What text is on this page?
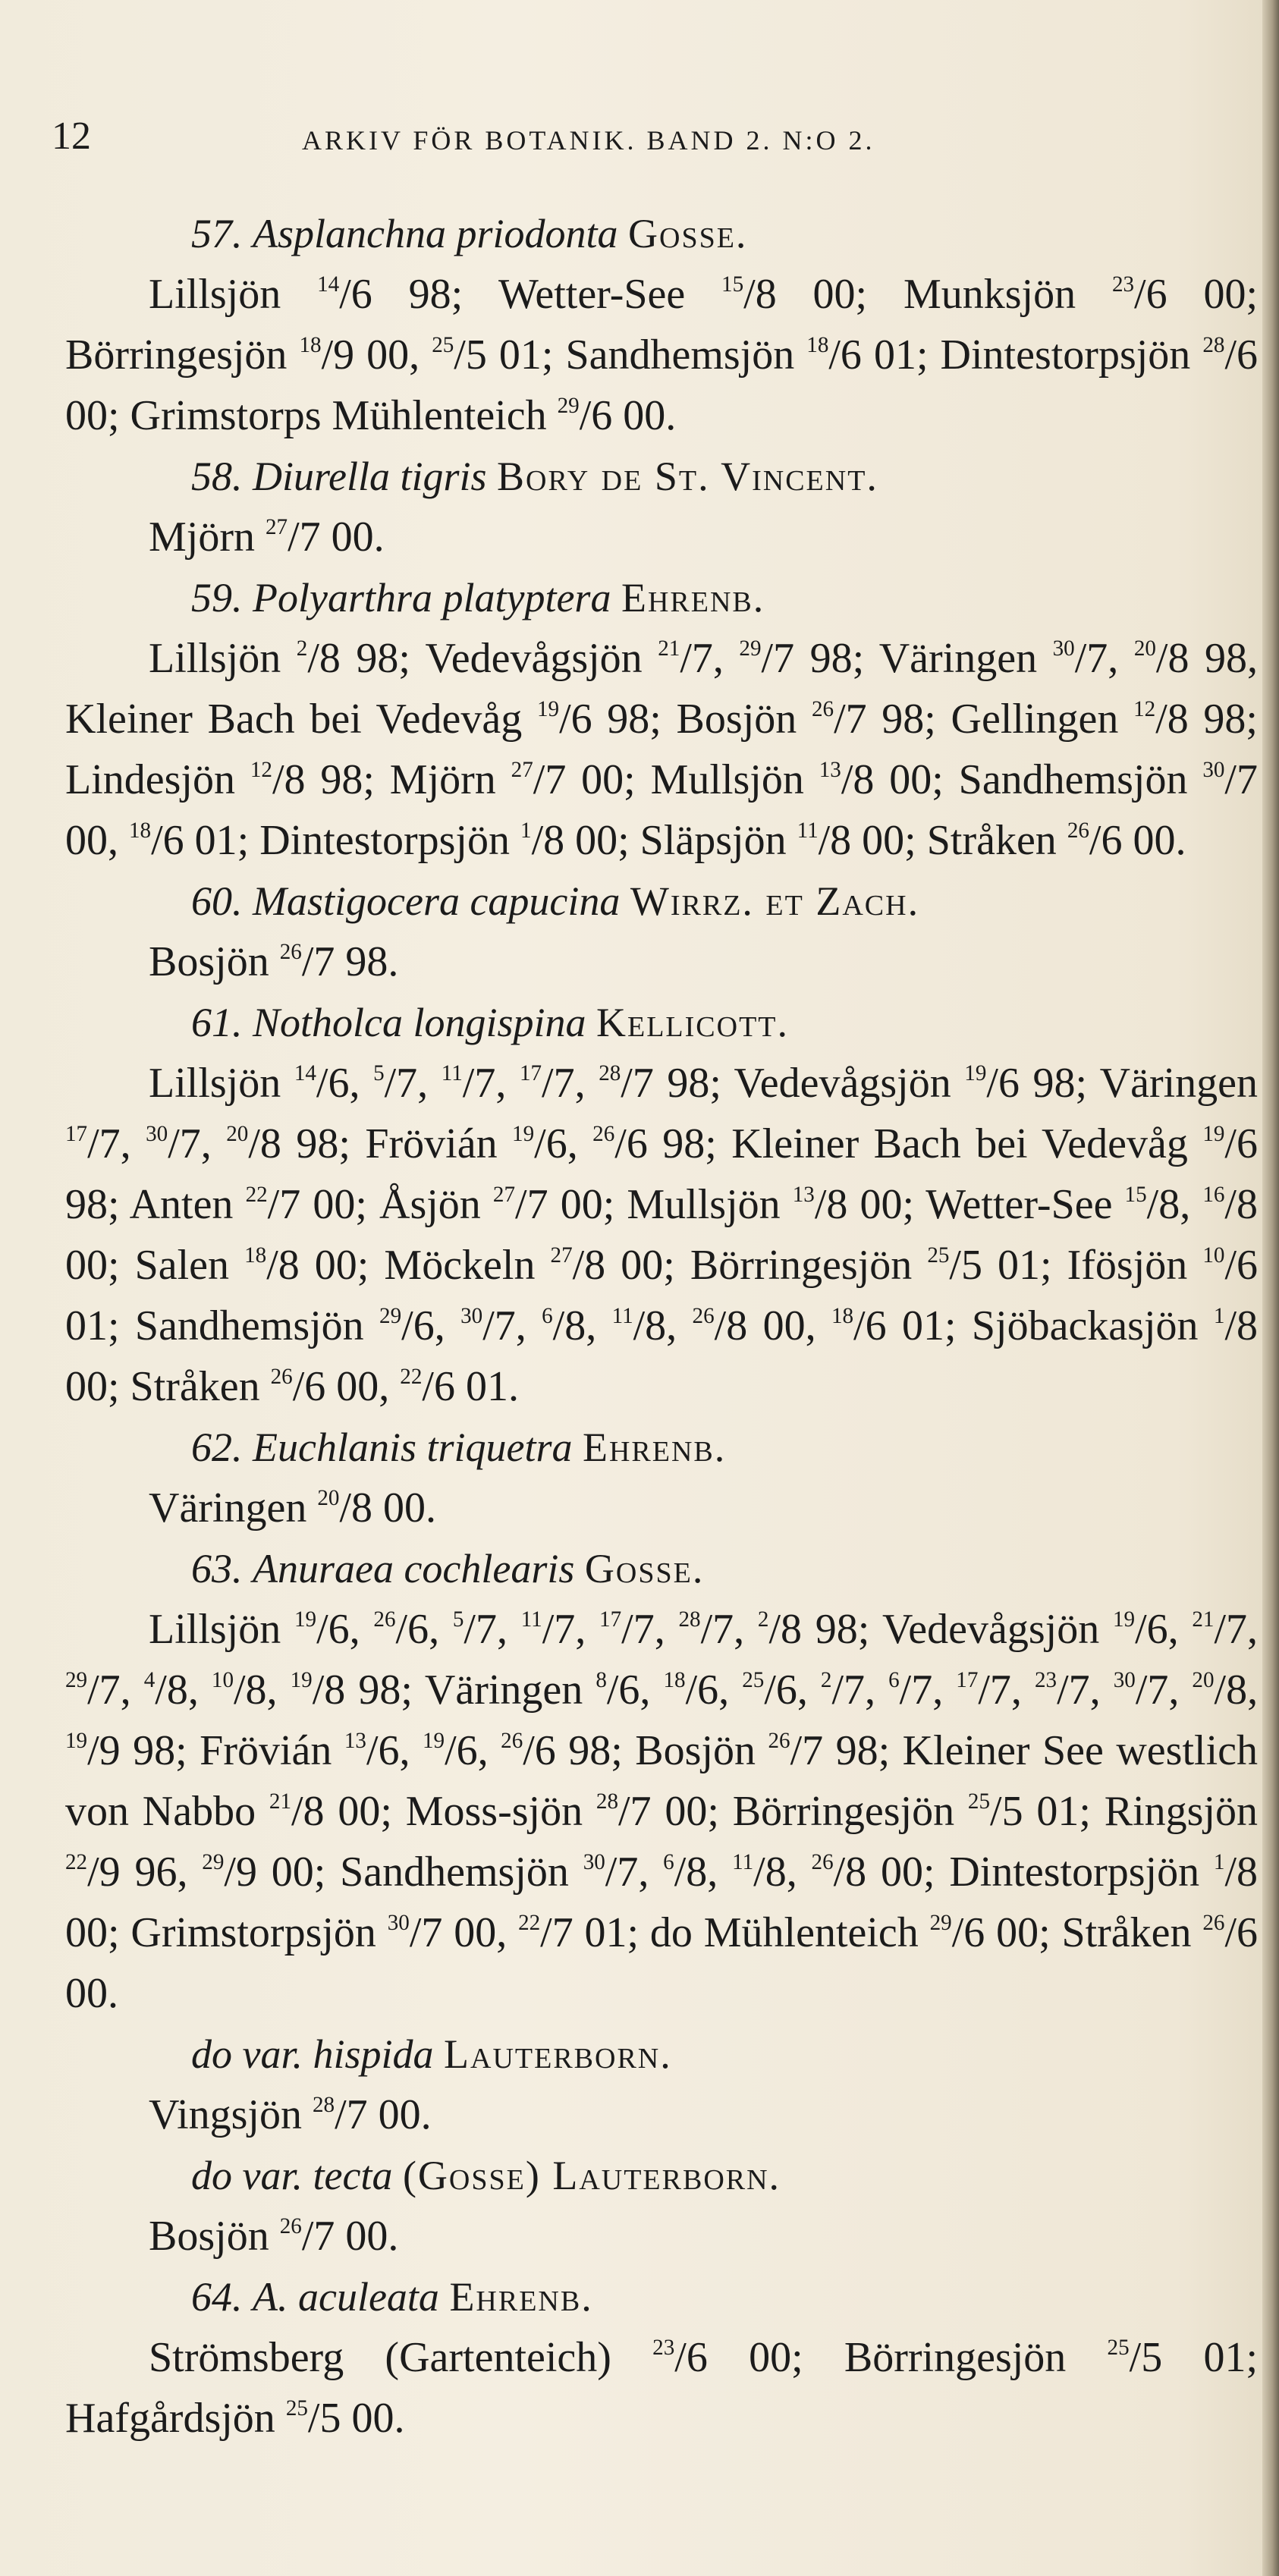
12	ARKIV FÖR BOTANIK. BAND 2. N:O 2.

57. Asplanchna priodonta Gosse.

Lillsjön $^{14}$/6 98; Wetter-See $^{15}$/8 00; Munksjön $^{23}$/6 00; Börringesjön $^{18}$/9 00, $^{25}$/5 01; Sandhemsjön $^{18}$/6 01; Dintestorpsjön $^{28}$/6 00; Grimstorps Mühlenteich $^{29}$/6 00.

58. Diurella tigris Bory de St. Vincent.

Mjörn $^{27}$/7 00.

59. Polyarthra platyptera Ehrenb.

Lillsjön $^2$/8 98; Vedevågsjön $^{21}$/7, $^{29}$/7 98; Väringen $^{30}$/7, $^{20}$/8 98, Kleiner Bach bei Vedevåg $^{19}$/6 98; Bosjön $^{26}$/7 98; Gellingen $^{12}$/8 98; Lindesjön $^{12}$/8 98; Mjörn $^{27}$/7 00; Mullsjön $^{13}$/8 00; Sandhemsjön $^{30}$/7 00, $^{18}$/6 01; Dintestorpsjön $^1$/8 00; Släpsjön $^{11}$/8 00; Stråken $^{26}$/6 00.

60. Mastigocera capucina Wirrz. et Zach.

Bosjön $^{26}$/7 98.

61. Notholca longispina Kellicott.

Lillsjön $^{14}$/6, $^5$/7, $^{11}$/7, $^{17}$/7, $^{28}$/7 98; Vedevågsjön $^{19}$/6 98; Väringen $^{17}$/7, $^{30}$/7, $^{20}$/8 98; Frövián $^{19}$/6, $^{26}$/6 98; Kleiner Bach bei Vedevåg $^{19}$/6 98; Anten $^{22}$/7 00; Åsjön $^{27}$/7 00; Mullsjön $^{13}$/8 00; Wetter-See $^{15}$/8, $^{16}$/8 00; Salen $^{18}$/8 00; Möckeln $^{27}$/8 00; Börringesjön $^{25}$/5 01; Ifösjön $^{10}$/6 01; Sandhemsjön $^{29}$/6, $^{30}$/7, $^6$/8, $^{11}$/8, $^{26}$/8 00, $^{18}$/6 01; Sjöbackasjön $^1$/8 00; Stråken $^{26}$/6 00, $^{22}$/6 01.

62. Euchlanis triquetra Ehrenb.

Väringen $^{20}$/8 00.

63. Anuraea cochlearis Gosse.

Lillsjön $^{19}$/6, $^{26}$/6, $^5$/7, $^{11}$/7, $^{17}$/7, $^{28}$/7, $^2$/8 98; Vedevågsjön $^{19}$/6, $^{21}$/7, $^{29}$/7, $^4$/8, $^{10}$/8, $^{19}$/8 98; Väringen $^8$/6, $^{18}$/6, $^{25}$/6, $^2$/7, $^6$/7, $^{17}$/7, $^{23}$/7, $^{30}$/7, $^{20}$/8, $^{19}$/9 98; Frövián $^{13}$/6, $^{19}$/6, $^{26}$/6 98; Bosjön $^{26}$/7 98; Kleiner See westlich von Nabbo $^{21}$/8 00; Moss-sjön $^{28}$/7 00; Börringesjön $^{25}$/5 01; Ringsjön $^{22}$/9 96, $^{29}$/9 00; Sandhemsjön $^{30}$/7, $^6$/8, $^{11}$/8, $^{26}$/8 00; Dintestorpsjön $^1$/8 00; Grimstorpsjön $^{30}$/7 00, $^{22}$/7 01; do Mühlenteich $^{29}$/6 00; Stråken $^{26}$/6 00.

do var. hispida Lauterborn.

Vingsjön $^{28}$/7 00.

do var. tecta (Gosse) Lauterborn.

Bosjön $^{26}$/7 00.

64. A. aculeata Ehrenb.

Strömsberg (Gartenteich) $^{23}$/6 00; Börringesjön $^{25}$/5 01; Hafgårdsjön $^{25}$/5 00.
